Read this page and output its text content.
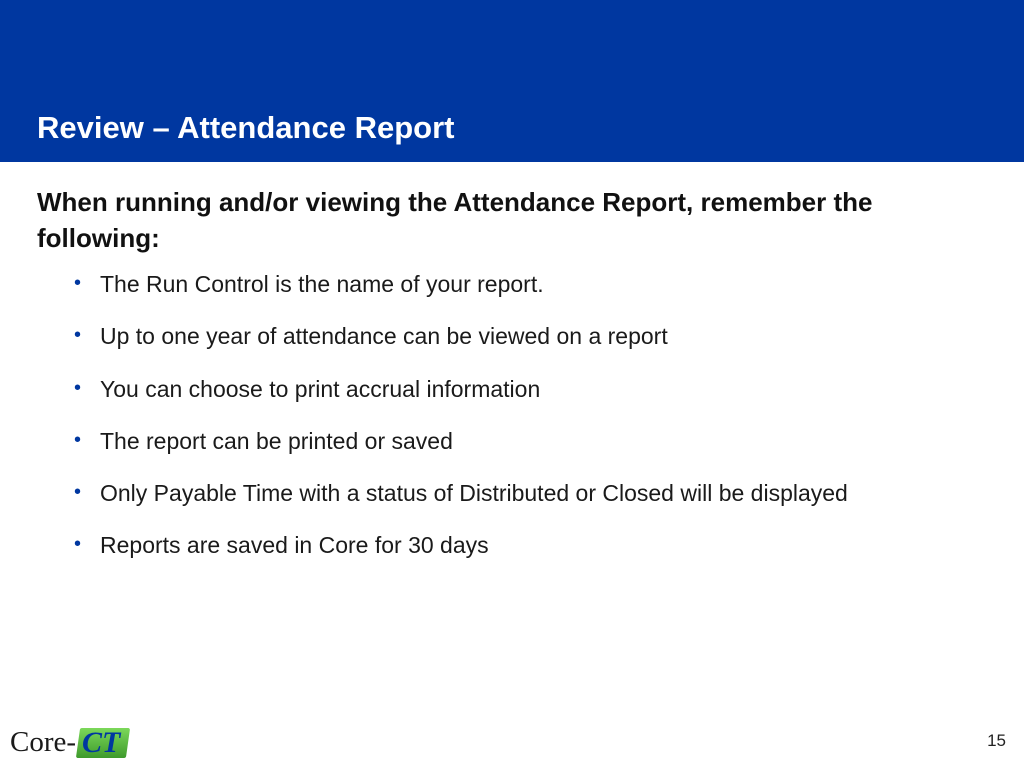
Review – Attendance Report

When running and/or viewing the Attendance Report, remember the following:

• The Run Control is the name of your report.
• Up to one year of attendance can be viewed on a report
• You can choose to print accrual information
• The report can be printed or saved
• Only Payable Time with a status of Distributed or Closed will be displayed
• Reports are saved in Core for 30 days
Core- CT	15
